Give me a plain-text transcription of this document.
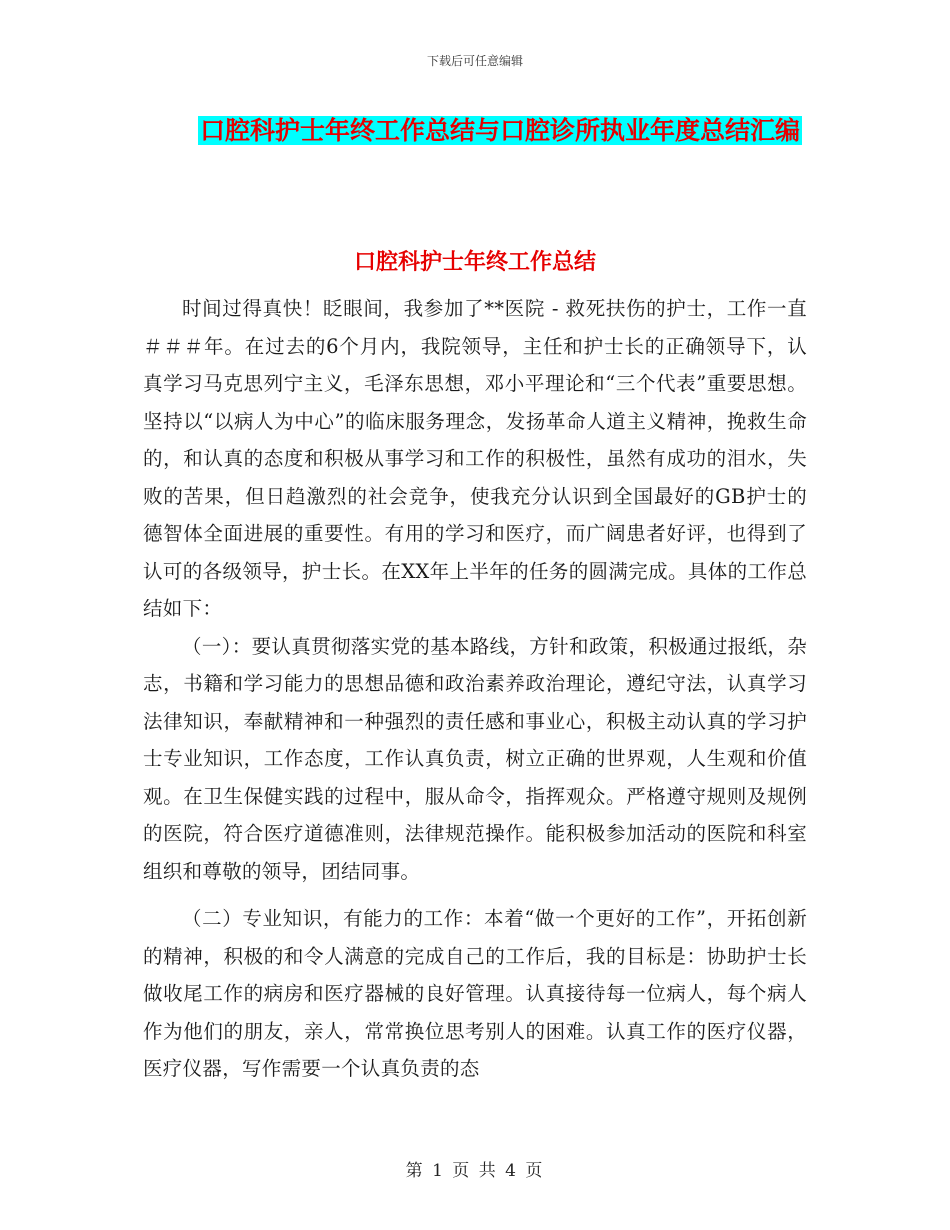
下载后可任意编辑
口腔科护士年终工作总结与口腔诊所执业年度总结汇编
口腔科护士年终工作总结

时间过得真快！眨眼间，我参加了**医院 - 救死扶伤的护士，工作一直＃＃＃年。在过去的6个月内，我院领导，主任和护士长的正确领导下，认真学习马克思列宁主义，毛泽东思想，邓小平理论和“三个代表”重要思想。坚持以“以病人为中心”的临床服务理念，发扬革命人道主义精神，挽救生命的，和认真的态度和积极从事学习和工作的积极性，虽然有成功的泪水，失败的苦果，但日趋激烈的社会竞争，使我充分认识到全国最好的GB护士的德智体全面进展的重要性。有用的学习和医疗，而广阔患者好评，也得到了认可的各级领导，护士长。在XX年上半年的任务的圆满完成。具体的工作总结如下：

（一）：要认真贯彻落实党的基本路线，方针和政策，积极通过报纸，杂志，书籍和学习能力的思想品德和政治素养政治理论，遵纪守法，认真学习法律知识，奉献精神和一种强烈的责任感和事业心，积极主动认真的学习护士专业知识，工作态度，工作认真负责，树立正确的世界观，人生观和价值观。在卫生保健实践的过程中，服从命令，指挥观众。严格遵守规则及规例的医院，符合医疗道德准则，法律规范操作。能积极参加活动的医院和科室组织和尊敬的领导，团结同事。

（二）专业知识，有能力的工作：本着“做一个更好的工作”，开拓创新的精神，积极的和令人满意的完成自己的工作后，我的目标是：协助护士长做收尾工作的病房和医疗器械的良好管理。认真接待每一位病人，每个病人作为他们的朋友，亲人，常常换位思考别人的困难。认真工作的医疗仪器，医疗仪器，写作需要一个认真负责的态

第 1 页 共 4 页
